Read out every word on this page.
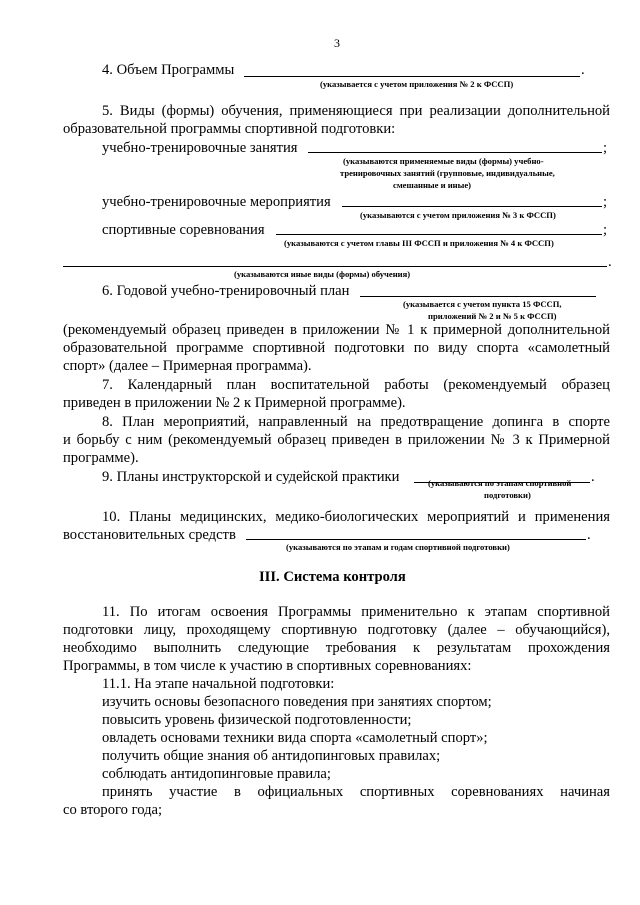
3
4. Объем Программы	.
(указывается с учетом приложения № 2 к ФССП)
5. Виды (формы) обучения, применяющиеся при реализации дополнительной
образовательной программы спортивной подготовки:
учебно-тренировочные занятия	;
(указываются применяемые виды (формы) учебно-
тренировочных занятий (групповые, индивидуальные,
смешанные и иные)
учебно-тренировочные мероприятия	;
(указываются с учетом приложения № 3 к ФССП)
спортивные соревнования	;
(указываются с учетом главы III ФССП и приложения № 4 к ФССП)
.
(указываются иные виды (формы) обучения)
6. Годовой учебно-тренировочный план
(указывается с учетом пункта 15 ФССП,
приложений № 2 и № 5 к ФССП)
(рекомендуемый образец приведен в приложении № 1 к примерной дополнительной
образовательной программе спортивной подготовки по виду спорта «самолетный
спорт» (далее – Примерная программа).
7. Календарный план воспитательной работы (рекомендуемый образец
приведен в приложении № 2 к Примерной программе).
8. План мероприятий, направленный на предотвращение допинга в спорте
и борьбу с ним (рекомендуемый образец приведен в приложении № 3 к Примерной
программе).
9. Планы инструкторской и судейской практики	.
(указываются по этапам спортивной
подготовки)
10. Планы медицинских, медико-биологических мероприятий и применения
восстановительных средств	.
(указываются по этапам и годам спортивной подготовки)
III. Система контроля
11. По итогам освоения Программы применительно к этапам спортивной
подготовки лицу, проходящему спортивную подготовку (далее – обучающийся),
необходимо выполнить следующие требования к результатам прохождения
Программы, в том числе к участию в спортивных соревнованиях:
11.1. На этапе начальной подготовки:
изучить основы безопасного поведения при занятиях спортом;
повысить уровень физической подготовленности;
овладеть основами техники вида спорта «самолетный спорт»;
получить общие знания об антидопинговых правилах;
соблюдать антидопинговые правила;
принять участие в официальных спортивных соревнованиях начиная
со второго года;
